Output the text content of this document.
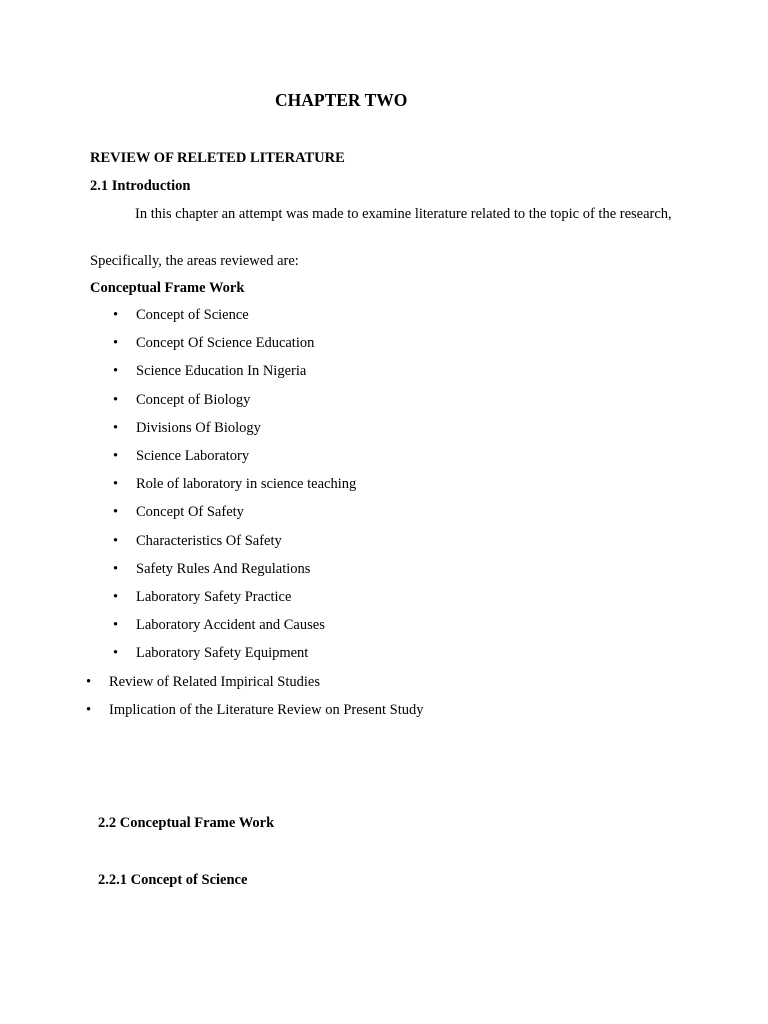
CHAPTER TWO
REVIEW OF RELETED LITERATURE
2.1 Introduction

In this chapter an attempt was made to examine literature related to the topic of the research,

Specifically, the areas reviewed are:
Conceptual Frame Work
• Concept of Science
• Concept Of Science Education
• Science Education In Nigeria
• Concept of Biology
• Divisions Of Biology
• Science Laboratory
• Role of laboratory in science teaching
• Concept Of Safety
• Characteristics Of Safety
• Safety Rules And Regulations
• Laboratory Safety Practice
• Laboratory Accident and Causes
• Laboratory Safety Equipment
• Review of Related Impirical Studies
• Implication of the Literature Review on Present Study
2.2 Conceptual Frame Work
2.2.1 Concept of Science
